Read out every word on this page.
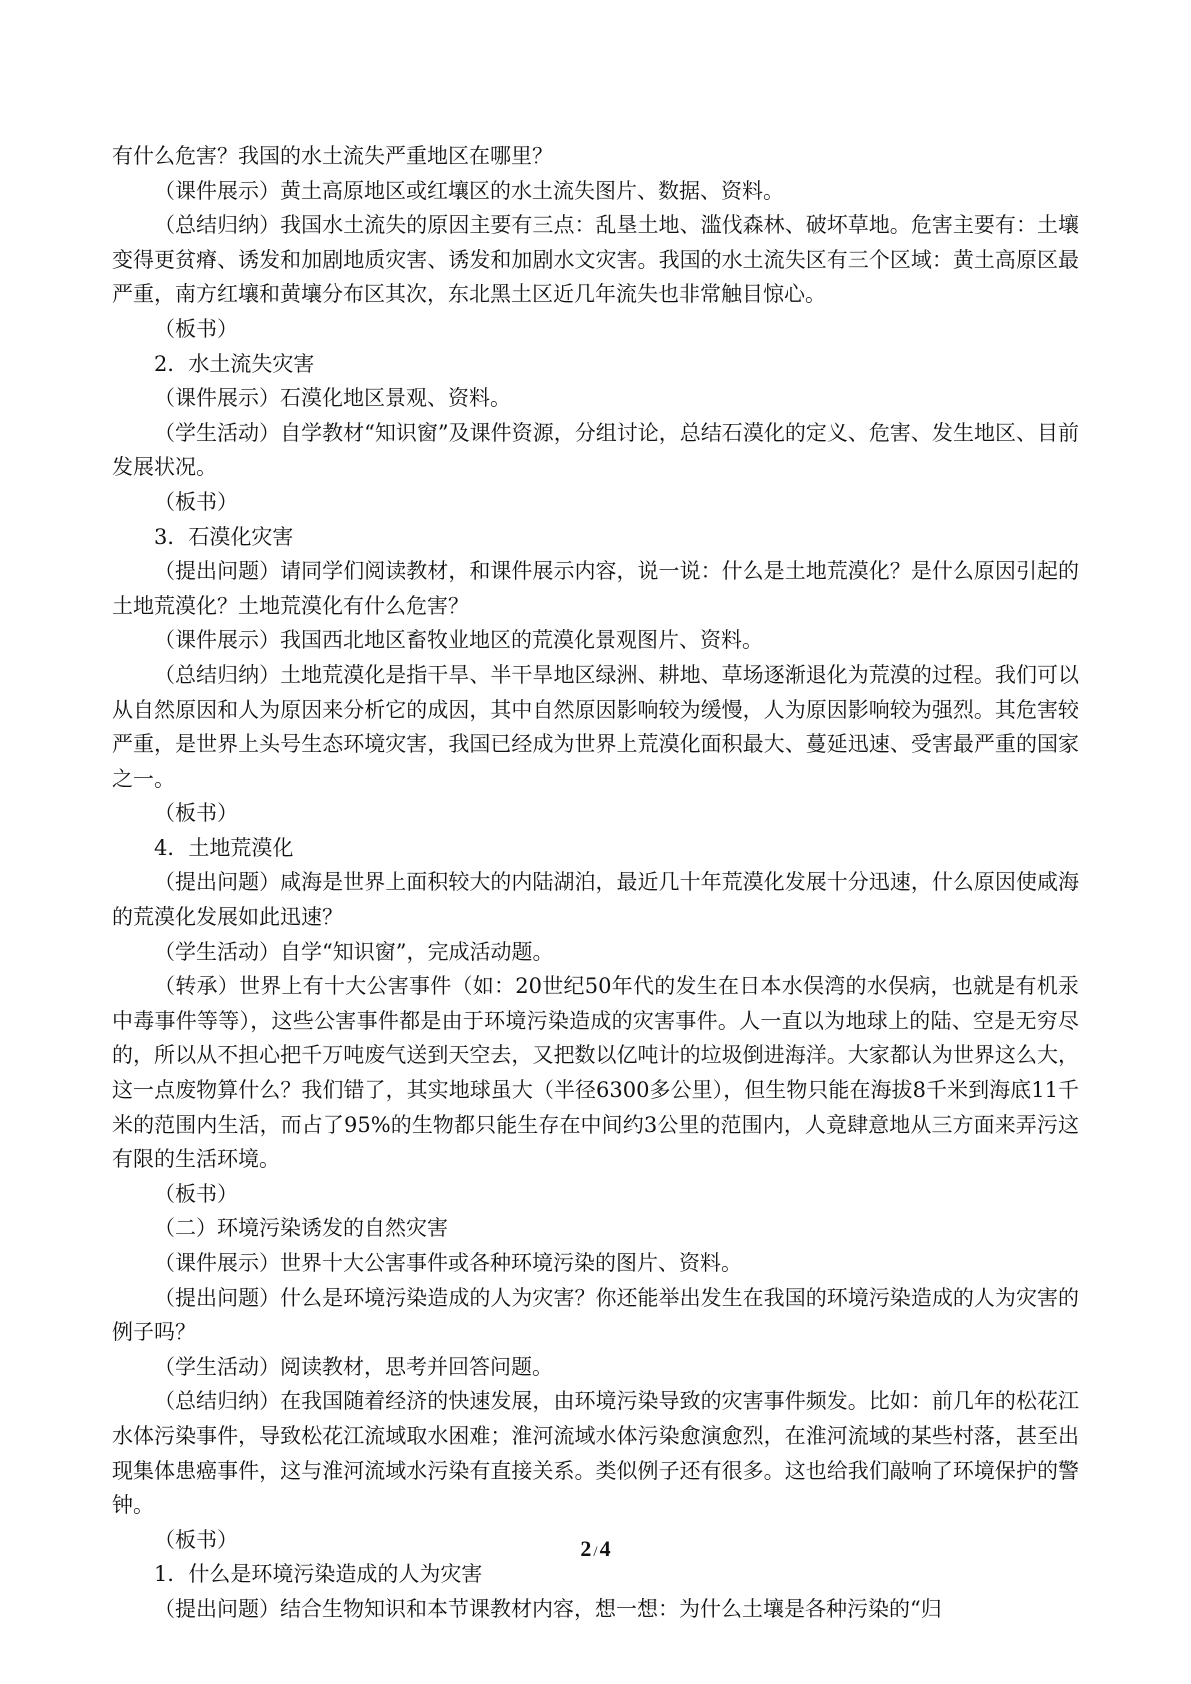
有什么危害？我国的水土流失严重地区在哪里？

（课件展示）黄土高原地区或红壤区的水土流失图片、数据、资料。

（总结归纳）我国水土流失的原因主要有三点：乱垦土地、滥伐森林、破坏草地。危害主要有：土壤变得更贫瘠、诱发和加剧地质灾害、诱发和加剧水文灾害。我国的水土流失区有三个区域：黄土高原区最严重，南方红壤和黄壤分布区其次，东北黑土区近几年流失也非常触目惊心。

（板书）

2．水土流失灾害

（课件展示）石漠化地区景观、资料。

（学生活动）自学教材“知识窗”及课件资源，分组讨论，总结石漠化的定义、危害、发生地区、目前发展状况。

（板书）

3．石漠化灾害

（提出问题）请同学们阅读教材，和课件展示内容，说一说：什么是土地荒漠化？是什么原因引起的土地荒漠化？土地荒漠化有什么危害？

（课件展示）我国西北地区畜牧业地区的荒漠化景观图片、资料。

（总结归纳）土地荒漠化是指干旱、半干旱地区绿洲、耕地、草场逐渐退化为荒漠的过程。我们可以从自然原因和人为原因来分析它的成因，其中自然原因影响较为缓慢，人为原因影响较为强烈。其危害较严重，是世界上头号生态环境灾害，我国已经成为世界上荒漠化面积最大、蔓延迅速、受害最严重的国家之一。

（板书）

4．土地荒漠化

（提出问题）咸海是世界上面积较大的内陆湖泊，最近几十年荒漠化发展十分迅速，什么原因使咸海的荒漠化发展如此迅速？

（学生活动）自学“知识窗”，完成活动题。

（转承）世界上有十大公害事件（如：20世纪50年代的发生在日本水俣湾的水俣病，也就是有机汞中毒事件等等），这些公害事件都是由于环境污染造成的灾害事件。人一直以为地球上的陆、空是无穷尽的，所以从不担心把千万吨废气送到天空去，又把数以亿吨计的垃圾倒进海洋。大家都认为世界这么大，这一点废物算什么？我们错了，其实地球虽大（半径6300多公里），但生物只能在海拔8千米到海底11千米的范围内生活，而占了95%的生物都只能生存在中间约3公里的范围内，人竟肆意地从三方面来弄污这有限的生活环境。

（板书）

（二）环境污染诱发的自然灾害

（课件展示）世界十大公害事件或各种环境污染的图片、资料。

（提出问题）什么是环境污染造成的人为灾害？你还能举出发生在我国的环境污染造成的人为灾害的例子吗？

（学生活动）阅读教材，思考并回答问题。

（总结归纳）在我国随着经济的快速发展，由环境污染导致的灾害事件频发。比如：前几年的松花江水体污染事件，导致松花江流域取水困难；淮河流域水体污染愈演愈烈，在淮河流域的某些村落，甚至出现集体患癌事件，这与淮河流域水污染有直接关系。类似例子还有很多。这也给我们敲响了环境保护的警钟。

（板书）

1．什么是环境污染造成的人为灾害

（提出问题）结合生物知识和本节课教材内容，想一想：为什么土壤是各种污染的“归

2 /4
